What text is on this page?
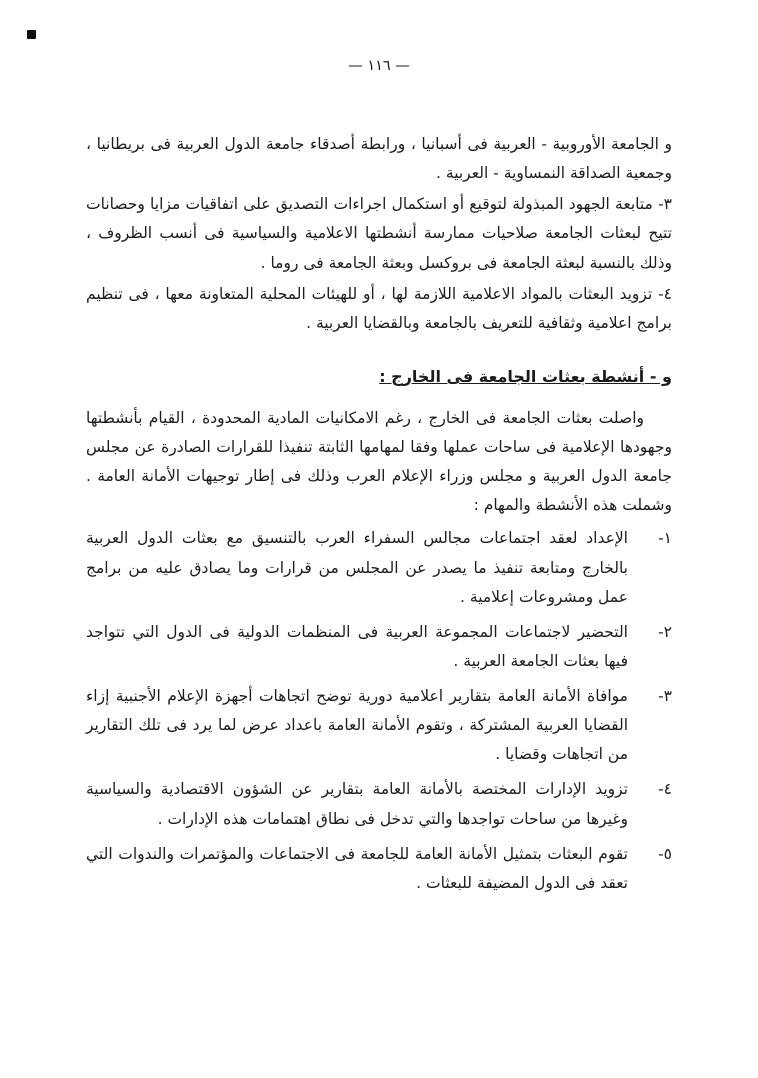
— ١١٦ —

و الجامعة الأوروبية - العربية فى أسبانيا ، ورابطة أصدقاء جامعة الدول العربية فى بريطانيا ، وجمعية الصداقة النمساوية - العربية .

٣- متابعة الجهود المبذولة لتوقيع أو استكمال اجراءات التصديق على اتفاقيات مزايا وحصانات تتيح لبعثات الجامعة صلاحيات ممارسة أنشطتها الاعلامية والسياسية فى أنسب الظروف ، وذلك بالنسبة لبعثة الجامعة فى بروكسل وبعثة الجامعة فى روما .

٤- تزويد البعثات بالمواد الاعلامية اللازمة لها ، أو للهيئات المحلية المتعاونة معها ، فى تنظيم برامج اعلامية وثقافية للتعريف بالجامعة وبالقضايا العربية .

و - أنشطة بعثات الجامعة فى الخارج :

واصلت بعثات الجامعة فى الخارج ، رغم الامكانيات المادية المحدودة ، القيام بأنشطتها وجهودها الإعلامية فى ساحات عملها وفقا لمهامها الثابتة تنفيذا للقرارات الصادرة عن مجلس جامعة الدول العربية و مجلس وزراء الإعلام العرب وذلك فى إطار توجيهات الأمانة العامة . وشملت هذه الأنشطة والمهام :

١-
الإعداد لعقد اجتماعات مجالس السفراء العرب بالتنسيق مع بعثات الدول العربية بالخارج ومتابعة تنفيذ ما يصدر عن المجلس من قرارات وما يصادق عليه من برامج عمل ومشروعات إعلامية .
٢-
التحضير لاجتماعات المجموعة العربية فى المنظمات الدولية فى الدول التي تتواجد فيها بعثات الجامعة العربية .
٣-
موافاة الأمانة العامة بتقارير اعلامية دورية توضح اتجاهات أجهزة الإعلام الأجنبية إزاء القضايا العربية المشتركة ، وتقوم الأمانة العامة باعداد عرض لما يرد فى تلك التقارير من اتجاهات وقضايا .
٤-
تزويد الإدارات المختصة بالأمانة العامة بتقارير عن الشؤون الاقتصادية والسياسية وغيرها من ساحات تواجدها والتي تدخل فى نطاق اهتمامات هذه الإدارات .
٥-
تقوم البعثات بتمثيل الأمانة العامة للجامعة فى الاجتماعات والمؤتمرات والندوات التي تعقد فى الدول المضيفة للبعثات .
